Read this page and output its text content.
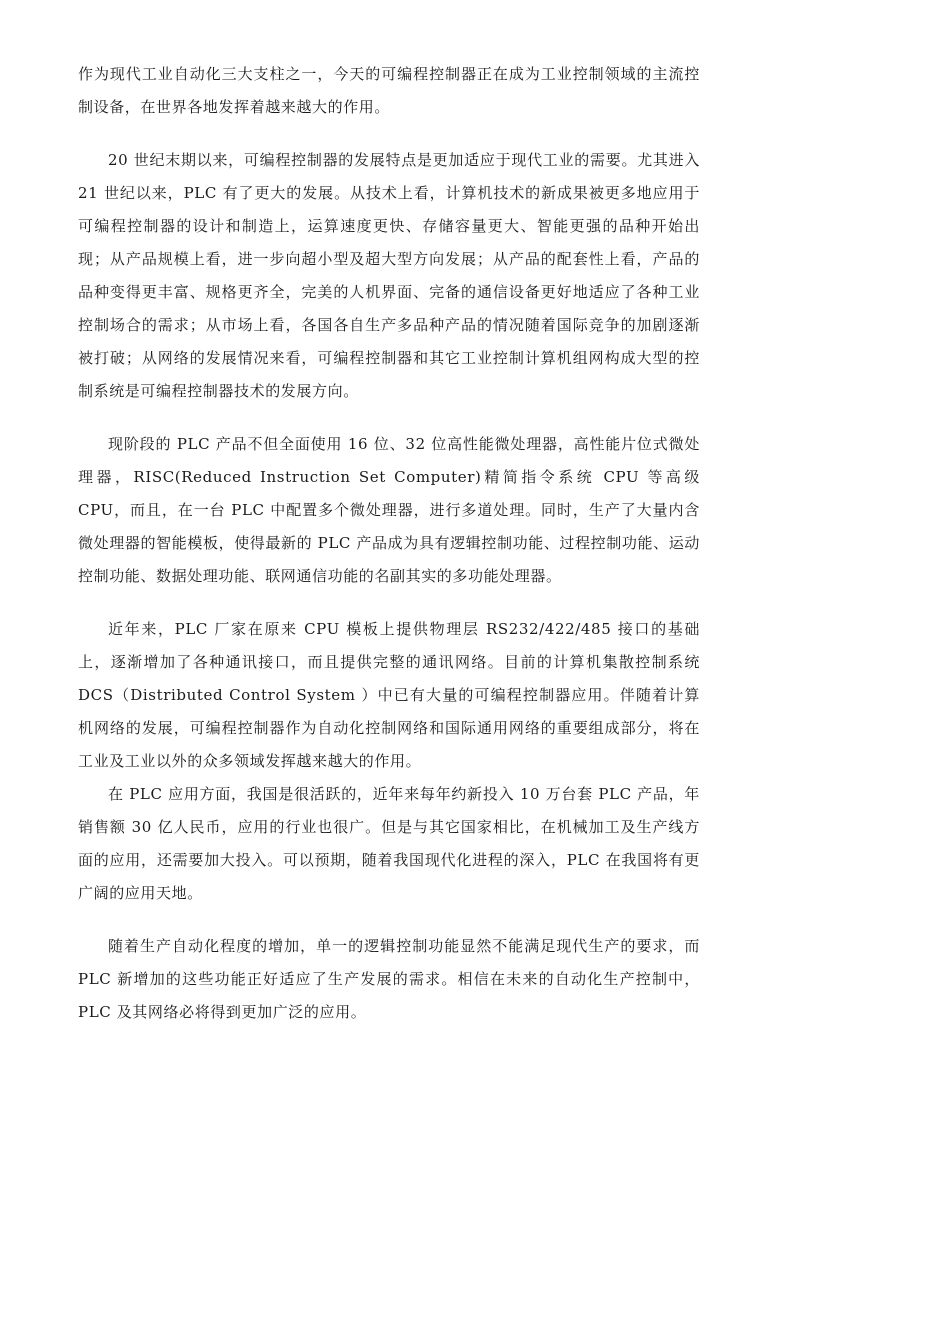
作为现代工业自动化三大支柱之一，今天的可编程控制器正在成为工业控制领域的主流控制设备，在世界各地发挥着越来越大的作用。

20 世纪末期以来，可编程控制器的发展特点是更加适应于现代工业的需要。尤其进入 21 世纪以来，PLC 有了更大的发展。从技术上看，计算机技术的新成果被更多地应用于可编程控制器的设计和制造上，运算速度更快、存储容量更大、智能更强的品种开始出现；从产品规模上看，进一步向超小型及超大型方向发展；从产品的配套性上看，产品的品种变得更丰富、规格更齐全，完美的人机界面、完备的通信设备更好地适应了各种工业控制场合的需求；从市场上看，各国各自生产多品种产品的情况随着国际竞争的加剧逐渐被打破；从网络的发展情况来看，可编程控制器和其它工业控制计算机组网构成大型的控制系统是可编程控制器技术的发展方向。

现阶段的 PLC 产品不但全面使用 16 位、32 位高性能微处理器，高性能片位式微处理器，RISC(Reduced Instruction Set Computer)精简指令系统 CPU 等高级 CPU，而且，在一台 PLC 中配置多个微处理器，进行多道处理。同时，生产了大量内含微处理器的智能模板，使得最新的 PLC 产品成为具有逻辑控制功能、过程控制功能、运动控制功能、数据处理功能、联网通信功能的名副其实的多功能处理器。

近年来，PLC 厂家在原来 CPU 模板上提供物理层 RS232/422/485 接口的基础上，逐渐增加了各种通讯接口，而且提供完整的通讯网络。目前的计算机集散控制系统 DCS（Distributed Control System ）中已有大量的可编程控制器应用。伴随着计算机网络的发展，可编程控制器作为自动化控制网络和国际通用网络的重要组成部分，将在工业及工业以外的众多领域发挥越来越大的作用。

在 PLC 应用方面，我国是很活跃的，近年来每年约新投入 10 万台套 PLC 产品，年销售额 30 亿人民币，应用的行业也很广。但是与其它国家相比，在机械加工及生产线方面的应用，还需要加大投入。可以预期，随着我国现代化进程的深入，PLC 在我国将有更广阔的应用天地。

随着生产自动化程度的增加，单一的逻辑控制功能显然不能满足现代生产的要求，而 PLC 新增加的这些功能正好适应了生产发展的需求。相信在未来的自动化生产控制中，PLC 及其网络必将得到更加广泛的应用。
